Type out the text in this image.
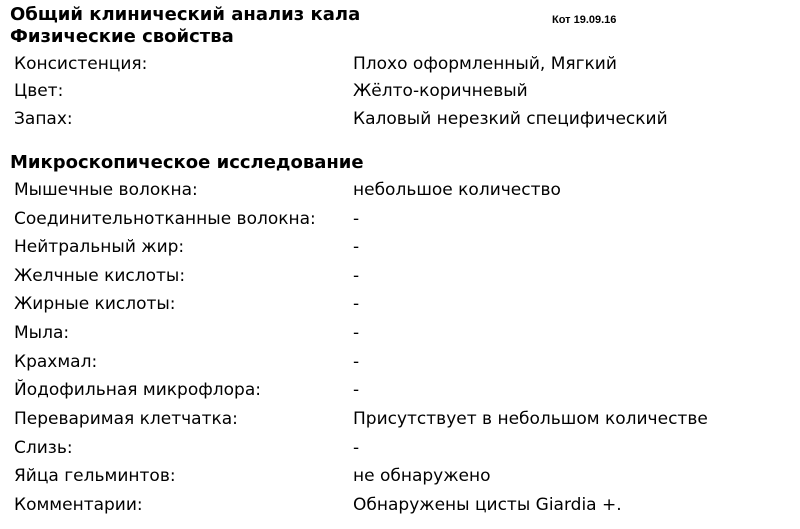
Общий клинический анализ кала	Кот 19.09.16
Физические свойства
Консистенция:	Плохо оформленный, Мягкий
Цвет:	Жёлто-коричневый
Запах:	Каловый нерезкий специфический
Микроскопическое исследование
Мышечные волокна:	небольшое количество
Соединительнотканные волокна: -
Нейтральный жир:	-
Желчные кислоты:	-
Жирные кислоты:	-
Мыла:	-
Крахмал:	-
Йодофильная микрофлора:	-
Переваримая клетчатка:	Присутствует в небольшом количестве
Слизь:	-
Яйца гельминтов:	не обнаружено
Комментарии:	Обнаружены цисты Giardia +.
